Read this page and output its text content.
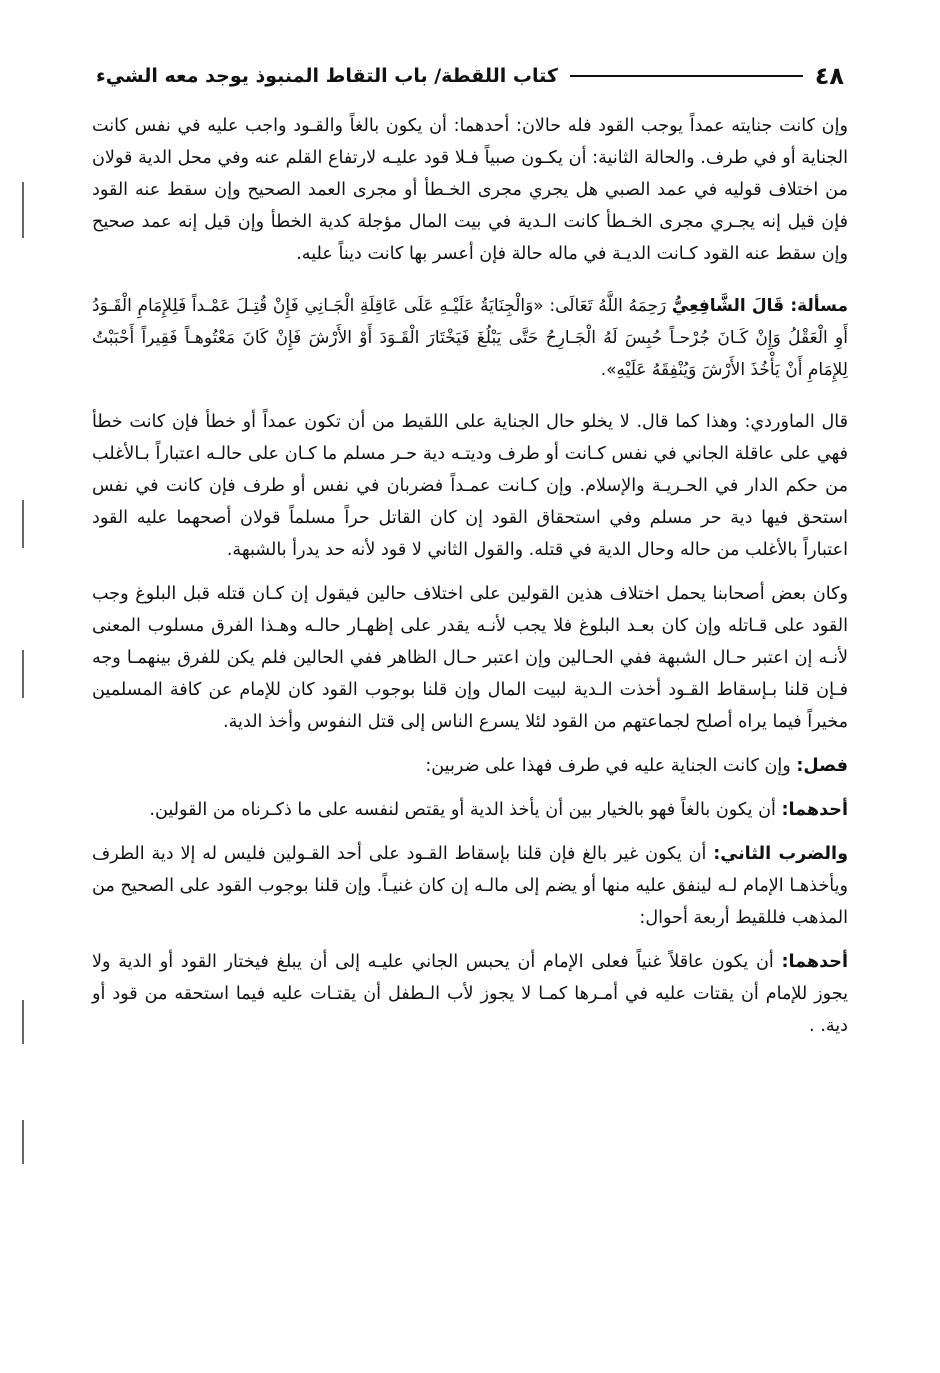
٤٨
كتاب اللقطة/ باب التقاط المنبوذ يوجد معه الشيء

وإن كانت جنايته عمداً يوجب القود فله حالان: أحدهما: أن يكون بالغاً والقـود واجب عليه في نفس كانت الجناية أو في طرف. والحالة الثانية: أن يكـون صبياً فـلا قود عليـه لارتفاع القلم عنه وفي محل الدية قولان من اختلاف قوليه في عمد الصبي هل يجري مجرى الخـطأ أو مجرى العمد الصحيح وإن سقط عنه القود فإن قيل إنه يجـري مجرى الخـطأ كانت الـدية في بيت المال مؤجلة كدية الخطأ وإن قيل إنه عمد صحيح وإن سقط عنه القود كـانت الديـة في ماله حالة فإن أعسر بها كانت ديناً عليه.

مسألة: قَالَ الشَّافِعِيُّ رَحِمَهُ اللَّهُ تَعَالَى: «وَالْجِنَايَةُ عَلَيْـهِ عَلَى عَاقِلَةِ الْجَـانِي فَإِنْ قُتِـلَ عَمْـداً فَلِلإِمَامِ الْقَـوَدُ أَوِ الْعَقْلُ وَإِنْ كَـانَ جُرْحـاً حُبِسَ لَهُ الْجَـارِحُ حَتَّى يَبْلُغَ فَيَخْتَارَ الْقَـوَدَ أَوْ الأَرْشَ فَإِنْ كَانَ مَعْتُوهـاً فَقِيراً أَحْبَبْتُ لِلإِمَامِ أَنْ يَأْخُذَ الأَرْشَ وَيُنْفِقَهُ عَلَيْهِ».

قال الماوردي: وهذا كما قال. لا يخلو حال الجناية على اللقيط من أن تكون عمداً أو خطأ فإن كانت خطأ فهي على عاقلة الجاني في نفس كـانت أو طرف وديتـه دية حـر مسلم ما كـان على حالـه اعتباراً بـالأغلب من حكم الدار في الحـريـة والإسلام. وإن كـانت عمـداً فضربان في نفس أو طرف فإن كانت في نفس استحق فيها دية حر مسلم وفي استحقاق القود إن كان القاتل حراً مسلماً قولان أصحهما عليه القود اعتباراً بالأغلب من حاله وحال الدية في قتله. والقول الثاني لا قود لأنه حد يدرأ بالشبهة.

وكان بعض أصحابنا يحمل اختلاف هذين القولين على اختلاف حالين فيقول إن كـان قتله قبل البلوغ وجب القود على قـاتله وإن كان بعـد البلوغ فلا يجب لأنـه يقدر على إظهـار حالـه وهـذا الفرق مسلوب المعنى لأنـه إن اعتبر حـال الشبهة ففي الحـالين وإن اعتبر حـال الظاهر ففي الحالين فلم يكن للفرق بينهمـا وجه فـإن قلنا بـإسقاط القـود أخذت الـدية لبيت المال وإن قلنا بوجوب القود كان للإمام عن كافة المسلمين مخيراً فيما يراه أصلح لجماعتهم من القود لئلا يسرع الناس إلى قتل النفوس وأخذ الدية.

فصل: وإن كانت الجناية عليه في طرف فهذا على ضربين:

أحدهما: أن يكون بالغاً فهو بالخيار بين أن يأخذ الدية أو يقتص لنفسه على ما ذكـرناه من القولين.

والضرب الثاني: أن يكون غير بالغ فإن قلنا بإسقاط القـود على أحد القـولين فليس له إلا دية الطرف ويأخذهـا الإمام لـه لينفق عليه منها أو يضم إلى مالـه إن كان غنيـاً. وإن قلنا بوجوب القود على الصحيح من المذهب فللقيط أربعة أحوال:

أحدهما: أن يكون عاقلاً غنياً فعلى الإمام أن يحبس الجاني عليـه إلى أن يبلغ فيختار القود أو الدية ولا يجوز للإمام أن يقتات عليه في أمـرها كمـا لا يجوز لأب الـطفل أن يقتـات عليه فيما استحقه من قود أو دية. .
